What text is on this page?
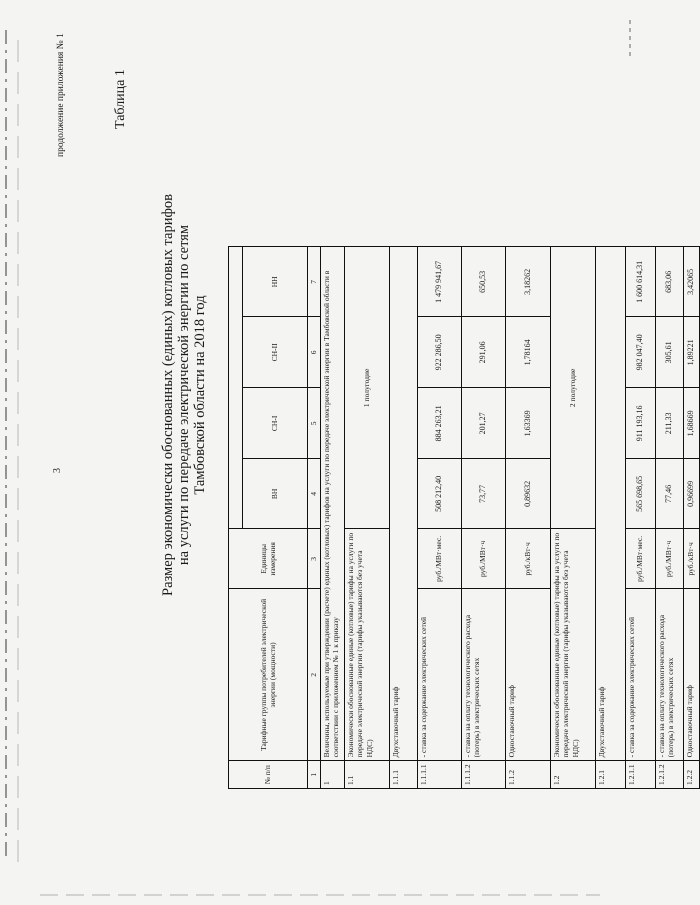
3
продолжение приложения № 1	Таблица 1
Размер экономически обоснованных (единых) котловых тарифов на услуги по передаче электрической энергии по сетям Тамбовской области на 2018 год
№ п/п	Тарифные группы потребителей электрической энергии (мощности)	Единицы измерения				
			ВН	СН-I	СН-II	НН
1	2	3	4	5	6	7
1	Величины, используемые при утверждении (расчете) единых (котловых) тарифов на услуги по передаче электрической энергии в Тамбовской области в соответствии с приложением № 1 к приказу					
1.1	Экономически обоснованные единые (котловые) тарифы на услуги по передаче электрической энергии (тарифы указываются без учета НДС)		1 полугодие			
1.1.1	Двухставочный тариф					
1.1.1.1	- ставка за содержание электрических сетей	руб./МВт·мес.	508 212,40	884 263,21	922 286,50	1 479 941,67
1.1.1.2	- ставка на оплату технологического расхода (потерь) в электрических сетях	руб./МВт·ч	73,77	201,27	291,06	650,53
1.1.2	Одноставочный тариф	руб./кВт·ч	0,89632	1,63369	1,78164	3,18262
1.2	Экономически обоснованные единые (котловые) тарифы на услуги по передаче электрической энергии (тарифы указываются без учета НДС)		2 полугодие			
1.2.1	Двухставочный тариф					
1.2.1.1	- ставка за содержание электрических сетей	руб./МВт·мес.	565 698,65	911 193,16	982 047,40	1 600 614,31
1.2.1.2	- ставка на оплату технологического расхода (потерь) в электрических сетях	руб./МВт·ч	77,46	211,33	305,61	683,06
1.2.2	Одноставочный тариф	руб./кВт·ч	0,96699	1,68669	1,89221	3,42065
